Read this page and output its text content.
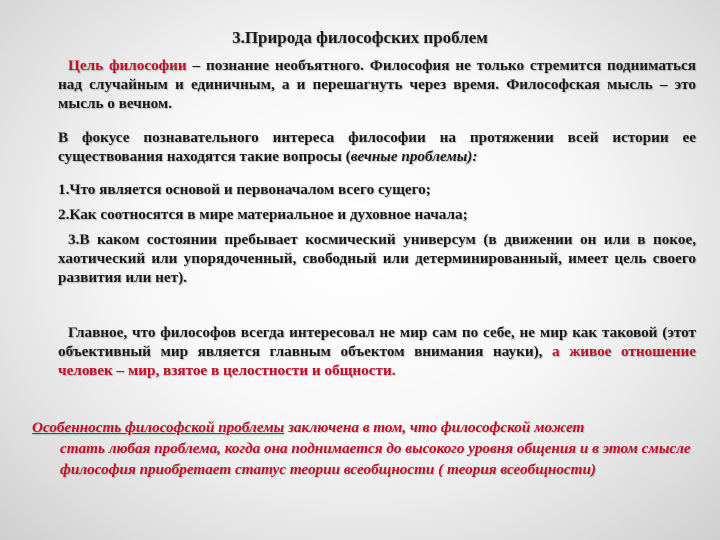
3.Природа философских проблем
Цель философии – познание необъятного. Философия не только стремится подниматься над случайным и единичным, а и перешагнуть через время. Философская мысль – это мысль о вечном.
В фокусе познавательного интереса философии на протяжении всей истории ее существования находятся такие вопросы (вечные проблемы):
1.Что является основой и первоначалом всего сущего;
2.Как соотносятся в мире материальное и духовное начала;
3.В каком состоянии пребывает космический универсум (в движении он или в покое, хаотический или упорядоченный, свободный или детерминированный, имеет цель своего развития или нет).
Главное, что философов всегда интересовал не мир сам по себе, не мир как таковой (этот объективный мир является главным объектом внимания науки), а живое отношение человек – мир, взятое в целостности и общности.
Особенность философской проблемы заключена в том, что философской может
стать любая проблема, когда она поднимается до высокого уровня общения и в этом смысле философия приобретает статус теории всеобщности ( теория всеобщности)
